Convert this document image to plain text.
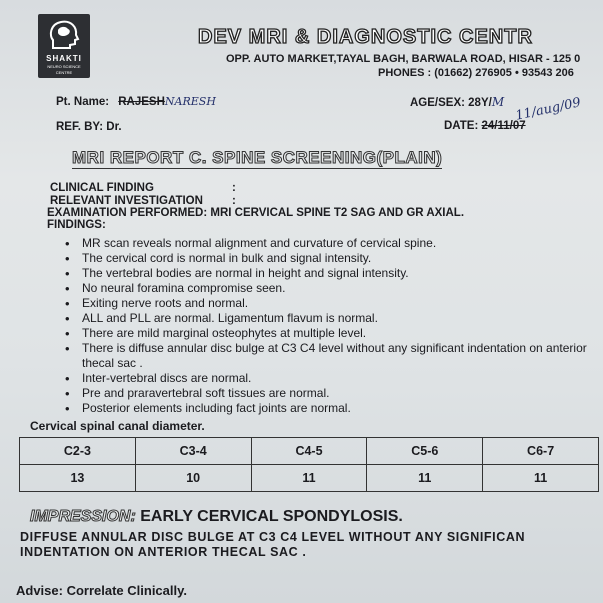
SHAKTI
NEURO SCIENCE
CENTRE
DEV MRI & DIAGNOSTIC CENTR
OPP. AUTO MARKET,TAYAL BAGH, BARWALA ROAD, HISAR - 125 0
PHONES : (01662) 276905 • 93543 206
Pt. Name: RAJESHNARESH	AGE/SEX: 28Y/M
REF. BY: Dr.	DATE: 24/11/07
11/aug/09
MRI REPORT C. SPINE SCREENING(PLAIN)
CLINICAL FINDING	:
RELEVANT INVESTIGATION	:
EXAMINATION PERFORMED: MRI CERVICAL SPINE T2 SAG AND GR AXIAL.
FINDINGS:
• MR scan reveals normal alignment and curvature of cervical spine.
• The cervical cord is normal in bulk and signal intensity.
• The vertebral bodies are normal in height and signal intensity.
• No neural foramina compromise seen.
• Exiting nerve roots and normal.
• ALL and PLL are normal. Ligamentum flavum is normal.
• There are mild marginal osteophytes at multiple level.
• There is diffuse annular disc bulge at C3 C4 level without any significant indentation on anterior thecal sac .
• Inter-vertebral discs are normal.
• Pre and praravertebral soft tissues are normal.
• Posterior elements including fact joints are normal.
Cervical spinal canal diameter.
C2-3	C3-4	C4-5	C5-6	C6-7
13	10	11	11	11
IMPRESSION: EARLY CERVICAL SPONDYLOSIS.
DIFFUSE ANNULAR DISC BULGE AT C3 C4 LEVEL WITHOUT ANY SIGNIFICAN
INDENTATION ON ANTERIOR THECAL SAC .
Advise: Correlate Clinically.
